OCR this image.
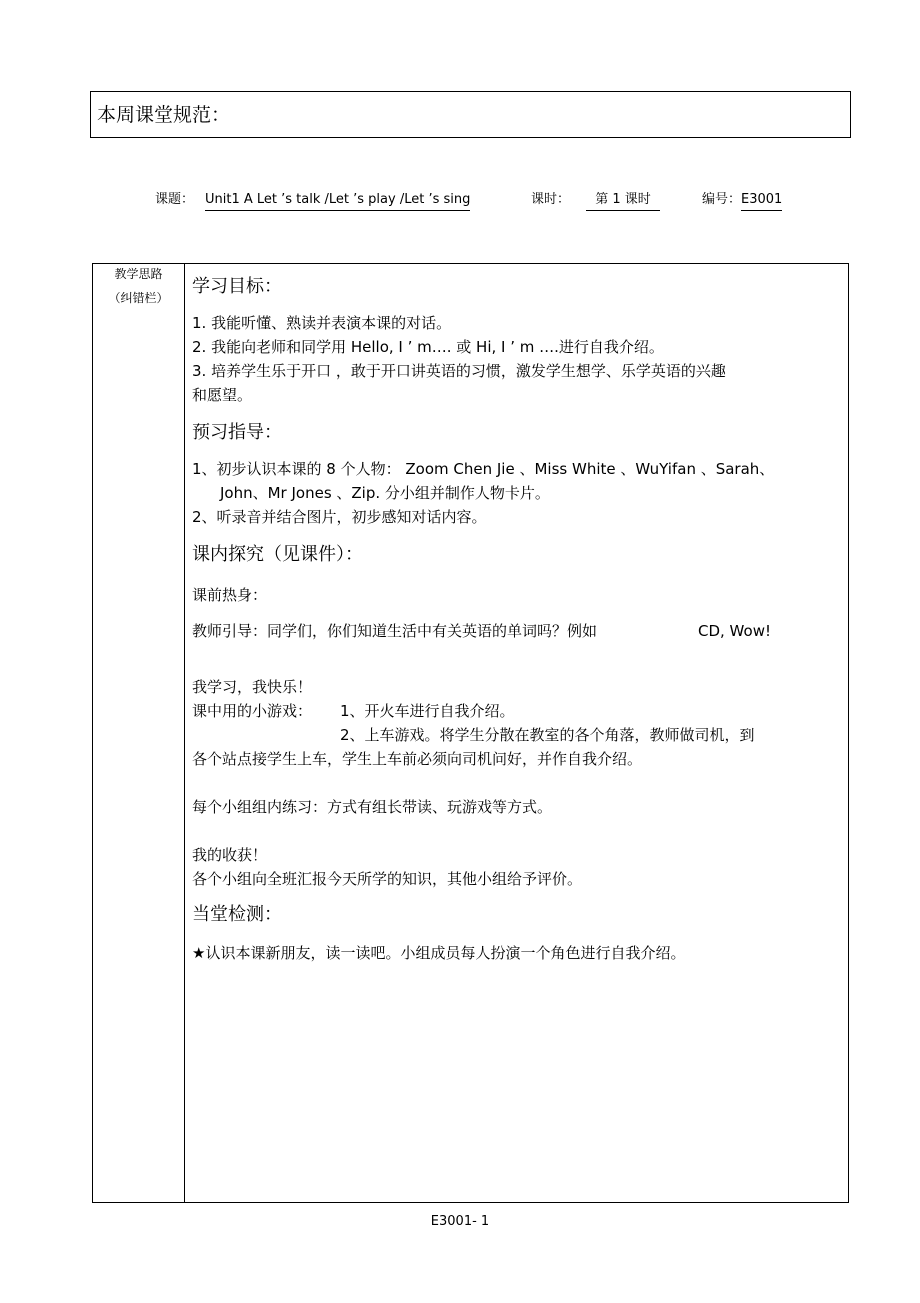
本周课堂规范：
课题： Unit1 A Let ’s talk /Let ’s play /Let ’s sing	课时：	第 1 课时	编号： E3001
教学思路
（纠错栏）
学习目标：
1. 我能听懂、熟读并表演本课的对话。
2. 我能向老师和同学用 Hello, I ’ m…. 或 Hi, I ’ m ….进行自我介绍。
3. 培养学生乐于开口 ，敢于开口讲英语的习惯，激发学生想学、乐学英语的兴趣
和愿望。
预习指导：
1、初步认识本课的 8 个人物： Zoom Chen Jie 、Miss White 、WuYifan 、Sarah、
John、Mr Jones 、Zip. 分小组并制作人物卡片。
2、听录音并结合图片，初步感知对话内容。
课内探究（见课件）：
课前热身：
教师引导：同学们，你们知道生活中有关英语的单词吗？例如	CD, Wow!
我学习，我快乐！
课中用的小游戏： 1、开火车进行自我介绍。
2、上车游戏。将学生分散在教室的各个角落，教师做司机，到
各个站点接学生上车，学生上车前必须向司机问好，并作自我介绍。
每个小组组内练习：方式有组长带读、玩游戏等方式。
我的收获！
各个小组向全班汇报今天所学的知识，其他小组给予评价。
当堂检测：
★认识本课新朋友，读一读吧。小组成员每人扮演一个角色进行自我介绍。
E3001- 1
